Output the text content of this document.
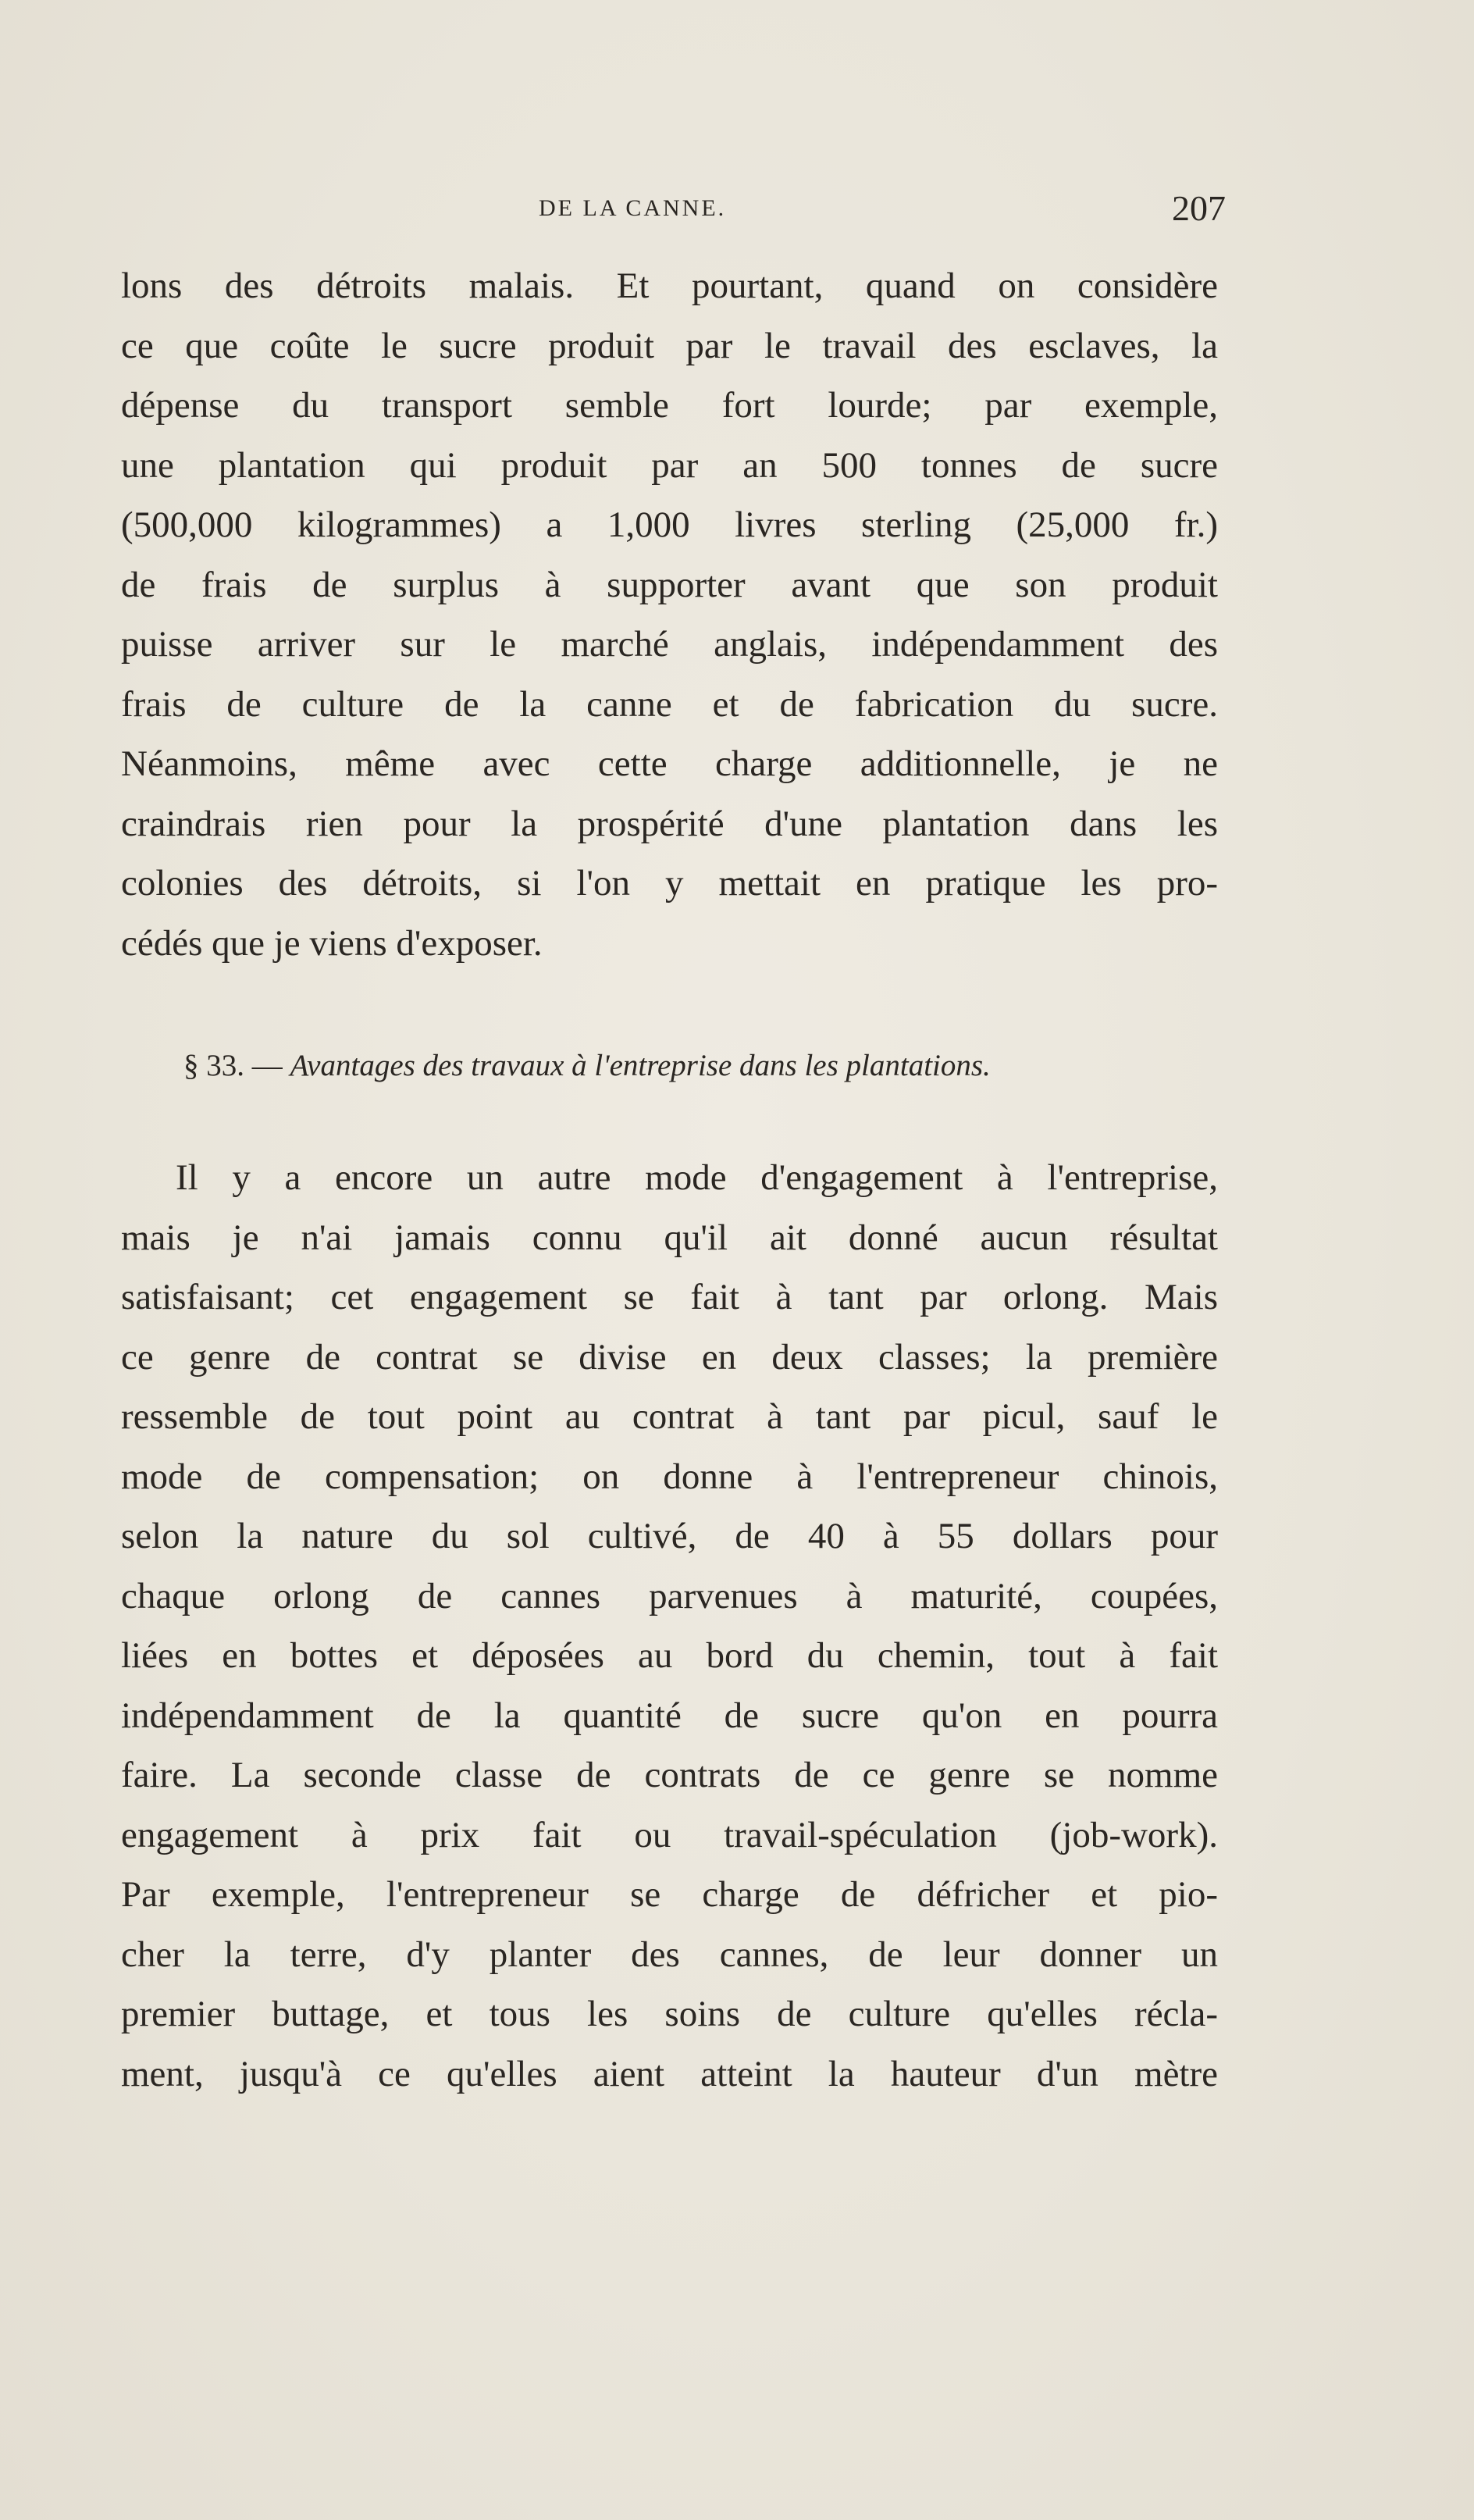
DE LA CANNE.	207
lons des détroits malais. Et pourtant, quand on considère
ce que coûte le sucre produit par le travail des esclaves, la
dépense du transport semble fort lourde; par exemple,
une plantation qui produit par an 500 tonnes de sucre
(500,000 kilogrammes) a 1,000 livres sterling (25,000 fr.)
de frais de surplus à supporter avant que son produit
puisse arriver sur le marché anglais, indépendamment des
frais de culture de la canne et de fabrication du sucre.
Néanmoins, même avec cette charge additionnelle, je ne
craindrais rien pour la prospérité d'une plantation dans les
colonies des détroits, si l'on y mettait en pratique les pro-
cédés que je viens d'exposer.
§ 33. — Avantages des travaux à l'entreprise dans les plantations.
Il y a encore un autre mode d'engagement à l'entreprise,
mais je n'ai jamais connu qu'il ait donné aucun résultat
satisfaisant; cet engagement se fait à tant par orlong. Mais
ce genre de contrat se divise en deux classes; la première
ressemble de tout point au contrat à tant par picul, sauf le
mode de compensation; on donne à l'entrepreneur chinois,
selon la nature du sol cultivé, de 40 à 55 dollars pour
chaque orlong de cannes parvenues à maturité, coupées,
liées en bottes et déposées au bord du chemin, tout à fait
indépendamment de la quantité de sucre qu'on en pourra
faire. La seconde classe de contrats de ce genre se nomme
engagement à prix fait ou travail-spéculation (job-work).
Par exemple, l'entrepreneur se charge de défricher et pio-
cher la terre, d'y planter des cannes, de leur donner un
premier buttage, et tous les soins de culture qu'elles récla-
ment, jusqu'à ce qu'elles aient atteint la hauteur d'un mètre
